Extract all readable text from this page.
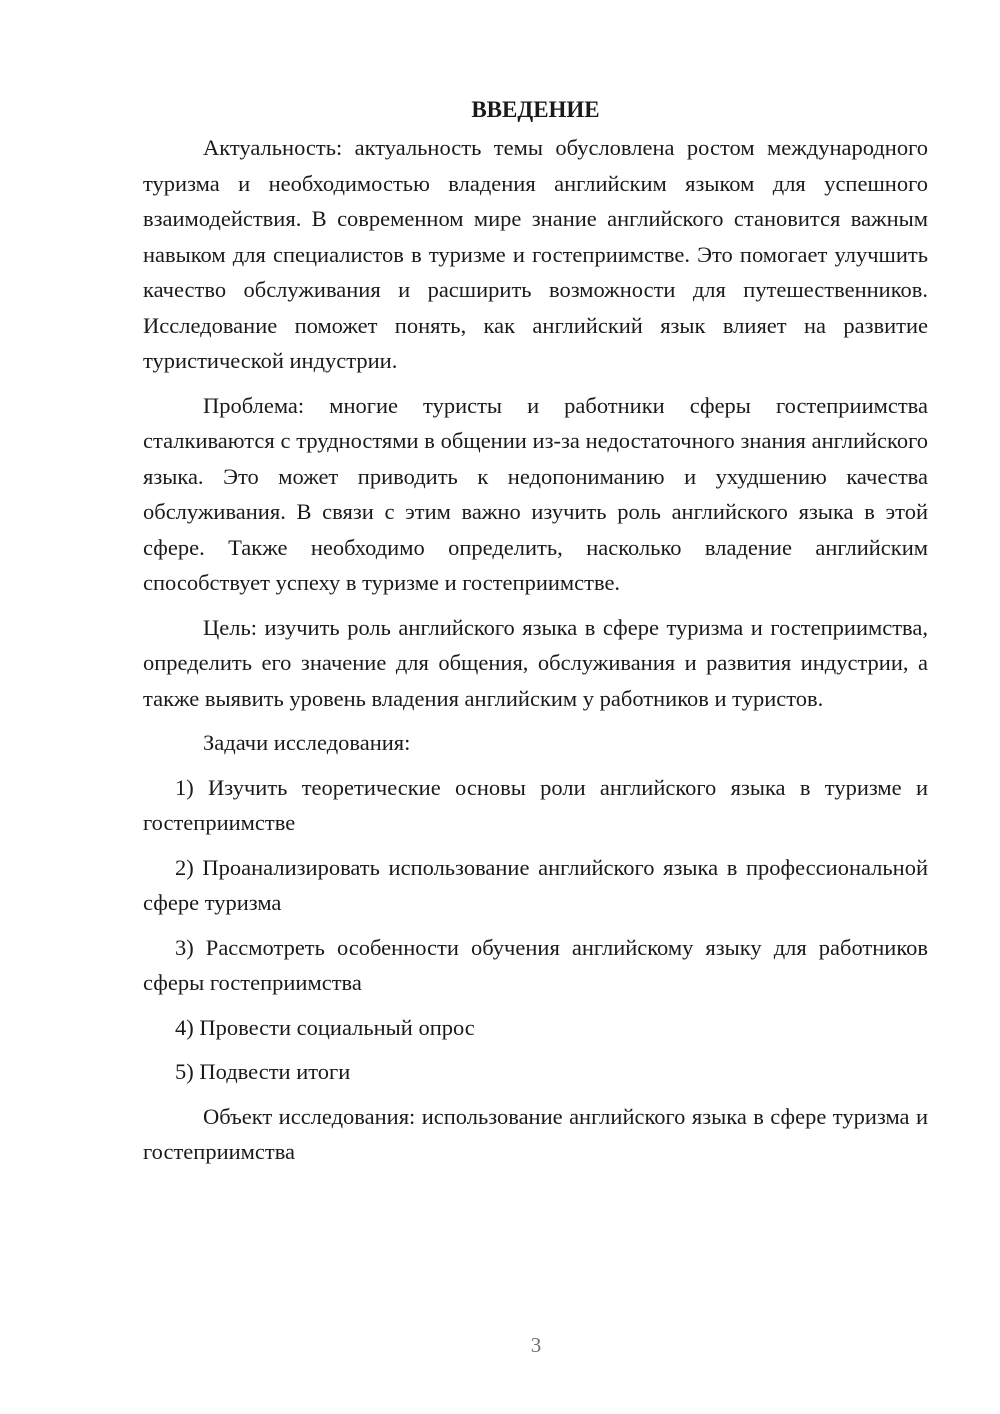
ВВЕДЕНИЕ

Актуальность: актуальность темы обусловлена ростом международного туризма и необходимостью владения английским языком для успешного взаимодействия. В современном мире знание английского становится важным навыком для специалистов в туризме и гостеприимстве. Это помогает улучшить качество обслуживания и расширить возможности для путешественников. Исследование поможет понять, как английский язык влияет на развитие туристической индустрии.

Проблема: многие туристы и работники сферы гостеприимства сталкиваются с трудностями в общении из-за недостаточного знания английского языка. Это может приводить к недопониманию и ухудшению качества обслуживания. В связи с этим важно изучить роль английского языка в этой сфере. Также необходимо определить, насколько владение английским способствует успеху в туризме и гостеприимстве.

Цель: изучить роль английского языка в сфере туризма и гостеприимства, определить его значение для общения, обслуживания и развития индустрии, а также выявить уровень владения английским у работников и туристов.

Задачи исследования:

1) Изучить теоретические основы роли английского языка в туризме и гостеприимстве

2) Проанализировать использование английского языка в профессиональной сфере туризма

3) Рассмотреть особенности обучения английскому языку для работников сферы гостеприимства

4) Провести социальный опрос

5) Подвести итоги

Объект исследования: использование английского языка в сфере туризма и гостеприимства

3
